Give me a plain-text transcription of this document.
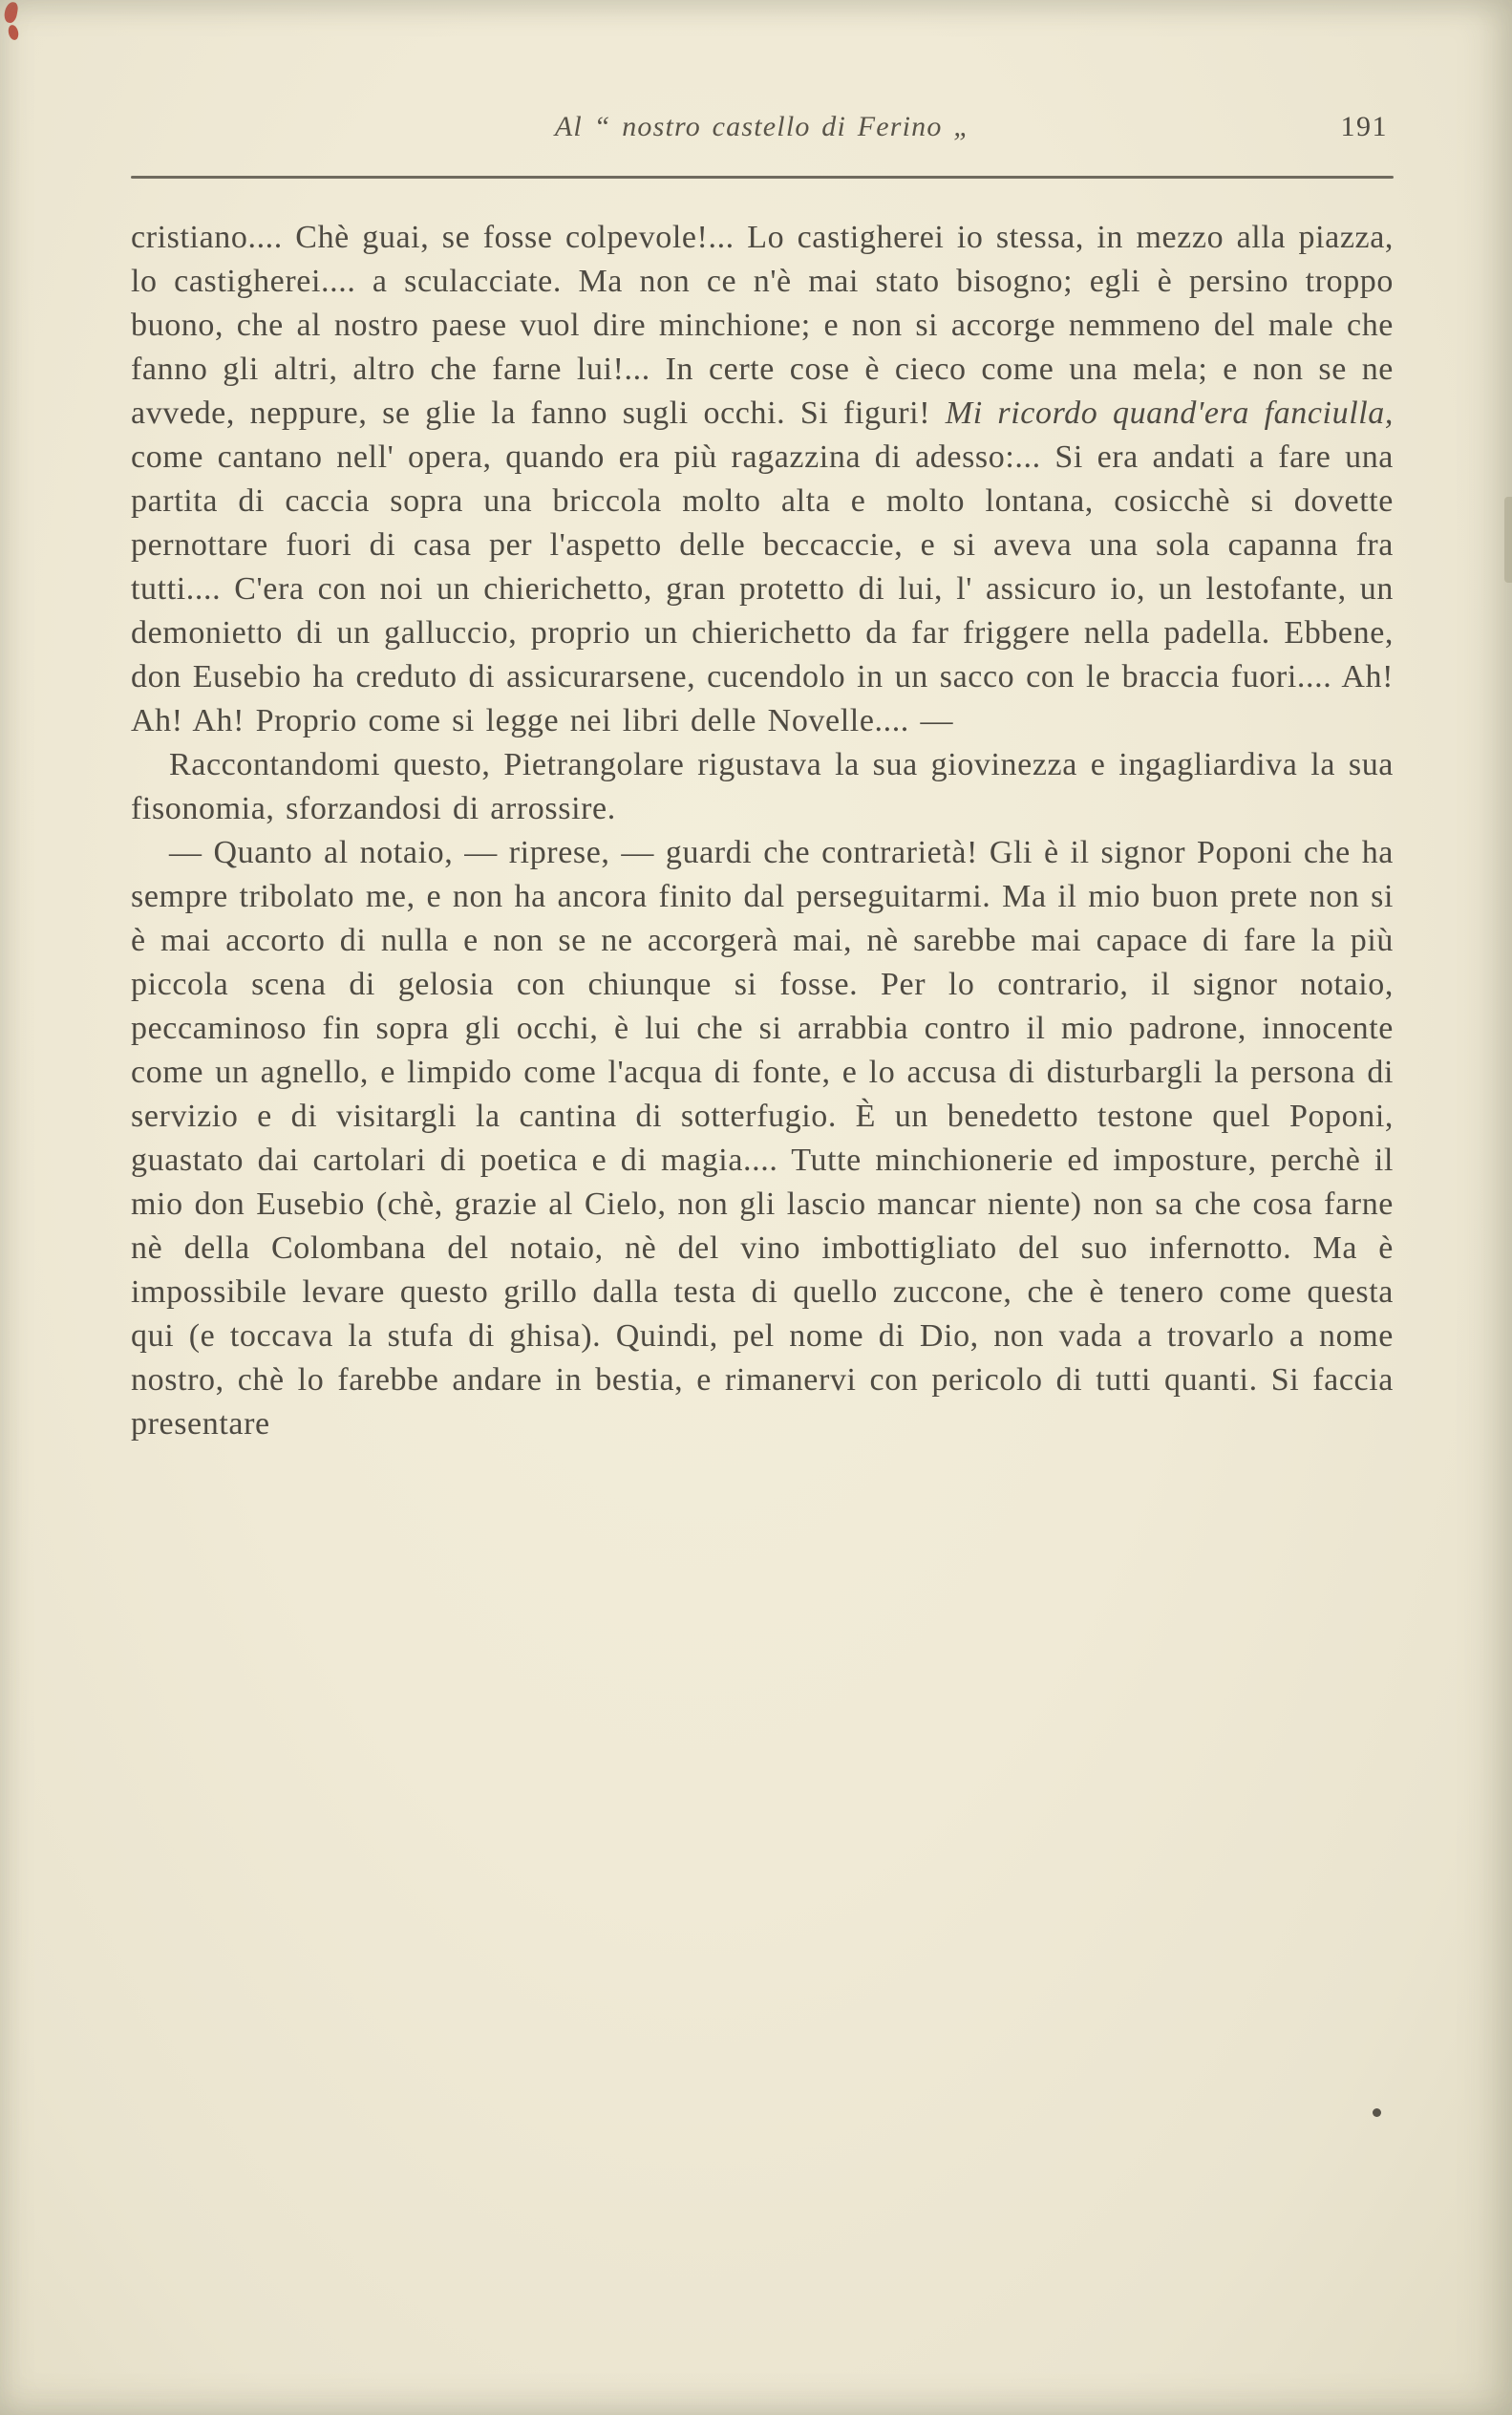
Al “ nostro castello di Ferino „	191

cristiano.... Chè guai, se fosse colpevole!... Lo castigherei io stessa, in mezzo alla piazza, lo castigherei.... a sculacciate. Ma non ce n'è mai stato bisogno; egli è persino troppo buono, che al nostro paese vuol dire minchione; e non si accorge nemmeno del male che fanno gli altri, altro che farne lui!... In certe cose è cieco come una mela; e non se ne avvede, neppure, se glie la fanno sugli occhi. Si figuri! Mi ricordo quand'era fanciulla, come cantano nell' opera, quando era più ragazzina di adesso:... Si era andati a fare una partita di caccia sopra una briccola molto alta e molto lontana, cosicchè si dovette pernottare fuori di casa per l'aspetto delle beccaccie, e si aveva una sola capanna fra tutti.... C'era con noi un chierichetto, gran protetto di lui, l' assicuro io, un lestofante, un demonietto di un galluccio, proprio un chierichetto da far friggere nella padella. Ebbene, don Eusebio ha creduto di assicurarsene, cucendolo in un sacco con le braccia fuori.... Ah! Ah! Ah! Proprio come si legge nei libri delle Novelle.... —

Raccontandomi questo, Pietrangolare rigustava la sua giovinezza e ingagliardiva la sua fisonomia, sforzandosi di arrossire.

— Quanto al notaio, — riprese, — guardi che contrarietà! Gli è il signor Poponi che ha sempre tribolato me, e non ha ancora finito dal perseguitarmi. Ma il mio buon prete non si è mai accorto di nulla e non se ne accorgerà mai, nè sarebbe mai capace di fare la più piccola scena di gelosia con chiunque si fosse. Per lo contrario, il signor notaio, peccaminoso fin sopra gli occhi, è lui che si arrabbia contro il mio padrone, innocente come un agnello, e limpido come l'acqua di fonte, e lo accusa di disturbargli la persona di servizio e di visitargli la cantina di sotterfugio. È un benedetto testone quel Poponi, guastato dai cartolari di poetica e di magia.... Tutte minchionerie ed imposture, perchè il mio don Eusebio (chè, grazie al Cielo, non gli lascio mancar niente) non sa che cosa farne nè della Colombana del notaio, nè del vino imbottigliato del suo infernotto. Ma è impossibile levare questo grillo dalla testa di quello zuccone, che è tenero come questa qui (e toccava la stufa di ghisa). Quindi, pel nome di Dio, non vada a trovarlo a nome nostro, chè lo farebbe andare in bestia, e rimanervi con pericolo di tutti quanti. Si faccia presentare
